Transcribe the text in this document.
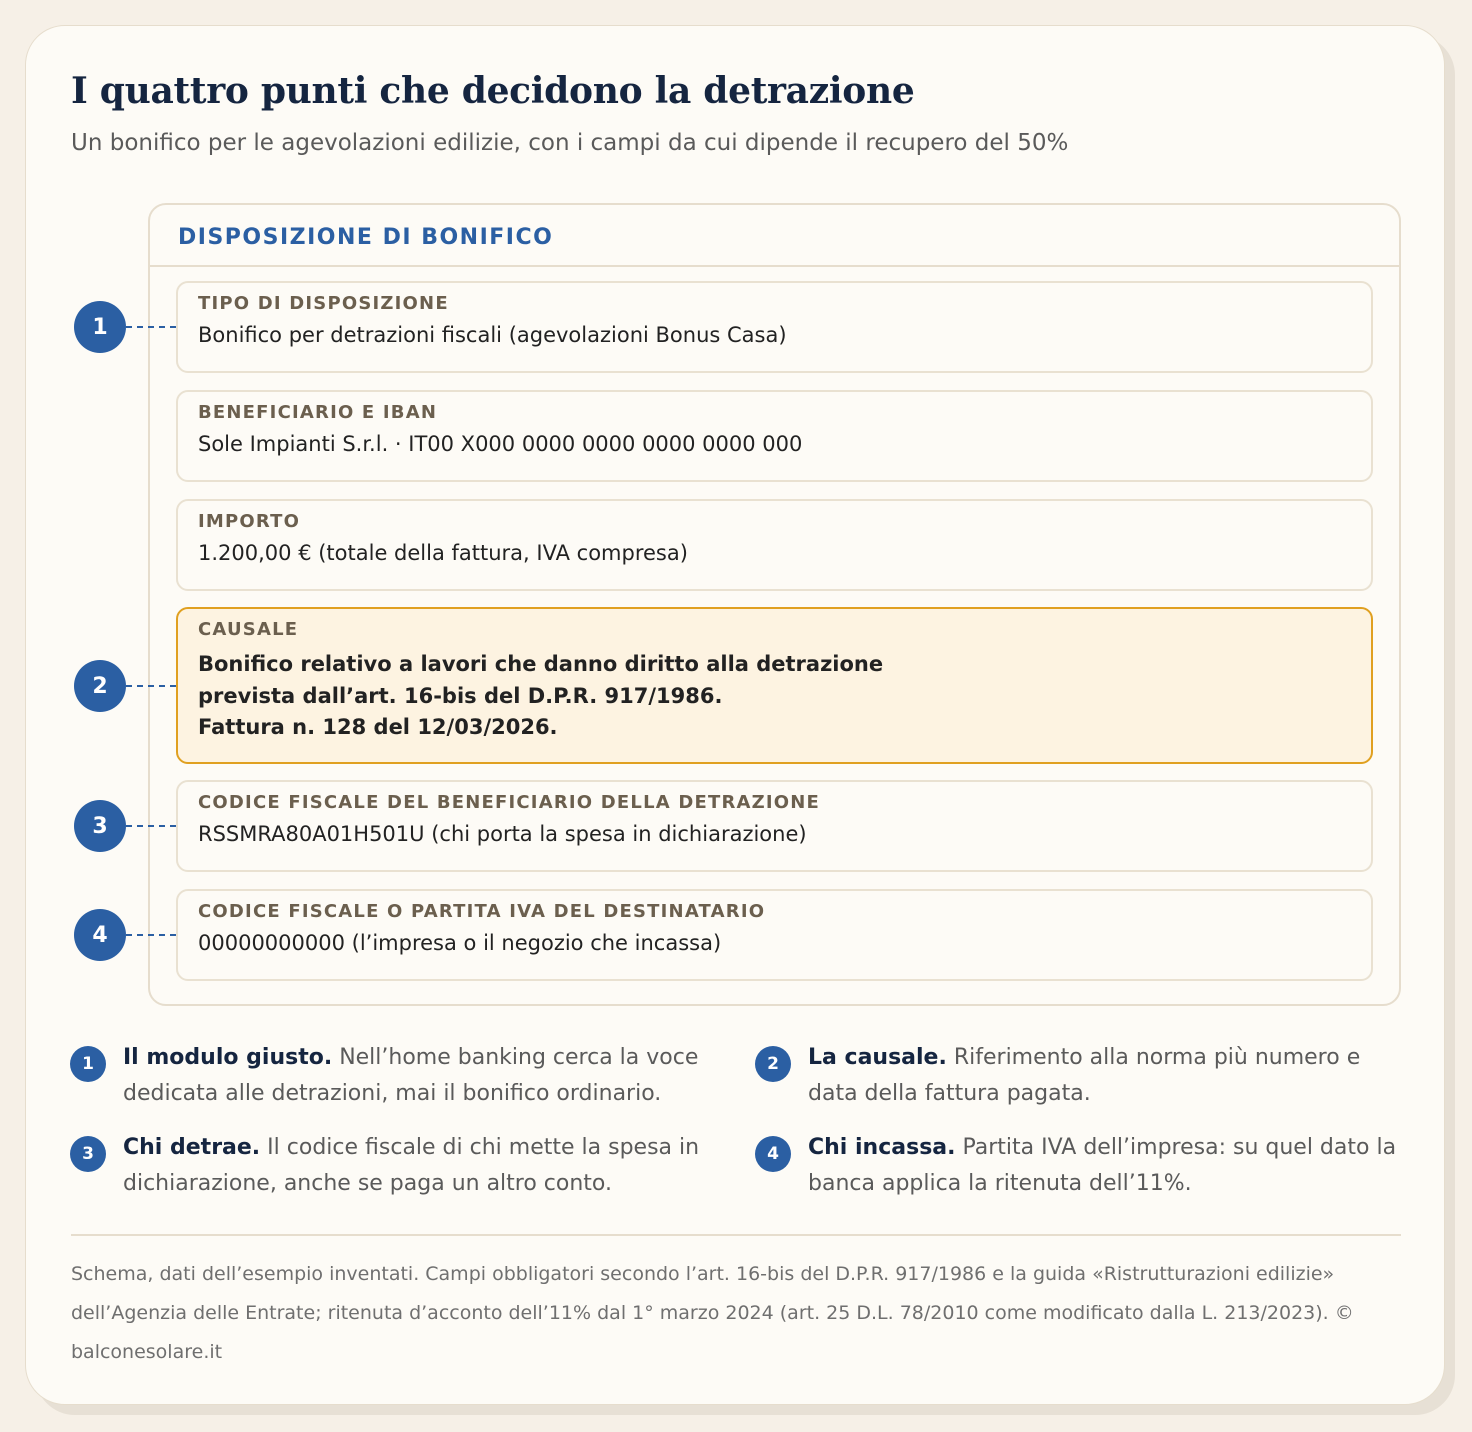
I quattro punti che decidono la detrazione
Un bonifico per le agevolazioni edilizie, con i campi da cui dipende il recupero del 50%
DISPOSIZIONE DI BONIFICO
1
TIPO DI DISPOSIZIONE
Bonifico per detrazioni fiscali (agevolazioni Bonus Casa)
BENEFICIARIO E IBAN
Sole Impianti S.r.l. · IT00 X000 0000 0000 0000 0000 000
IMPORTO
1.200,00 € (totale della fattura, IVA compresa)
2
CAUSALE
Bonifico relativo a lavori che danno diritto alla detrazione
prevista dall’art. 16-bis del D.P.R. 917/1986.
Fattura n. 128 del 12/03/2026.
3
CODICE FISCALE DEL BENEFICIARIO DELLA DETRAZIONE
RSSMRA80A01H501U (chi porta la spesa in dichiarazione)
4
CODICE FISCALE O PARTITA IVA DEL DESTINATARIO
00000000000 (l’impresa o il negozio che incassa)
1	Il modulo giusto. Nell’home banking cerca la voce dedicata alle detrazioni, mai il bonifico ordinario.
2	La causale. Riferimento alla norma più numero e data della fattura pagata.
3	Chi detrae. Il codice fiscale di chi mette la spesa in dichiarazione, anche se paga un altro conto.
4	Chi incassa. Partita IVA dell’impresa: su quel dato la banca applica la ritenuta dell’11%.
Schema, dati dell’esempio inventati. Campi obbligatori secondo l’art. 16-bis del D.P.R. 917/1986 e la guida «Ristrutturazioni edilizie» dell’Agenzia delle Entrate; ritenuta d’acconto dell’11% dal 1° marzo 2024 (art. 25 D.L. 78/2010 come modificato dalla L. 213/2023). © balconesolare.it
